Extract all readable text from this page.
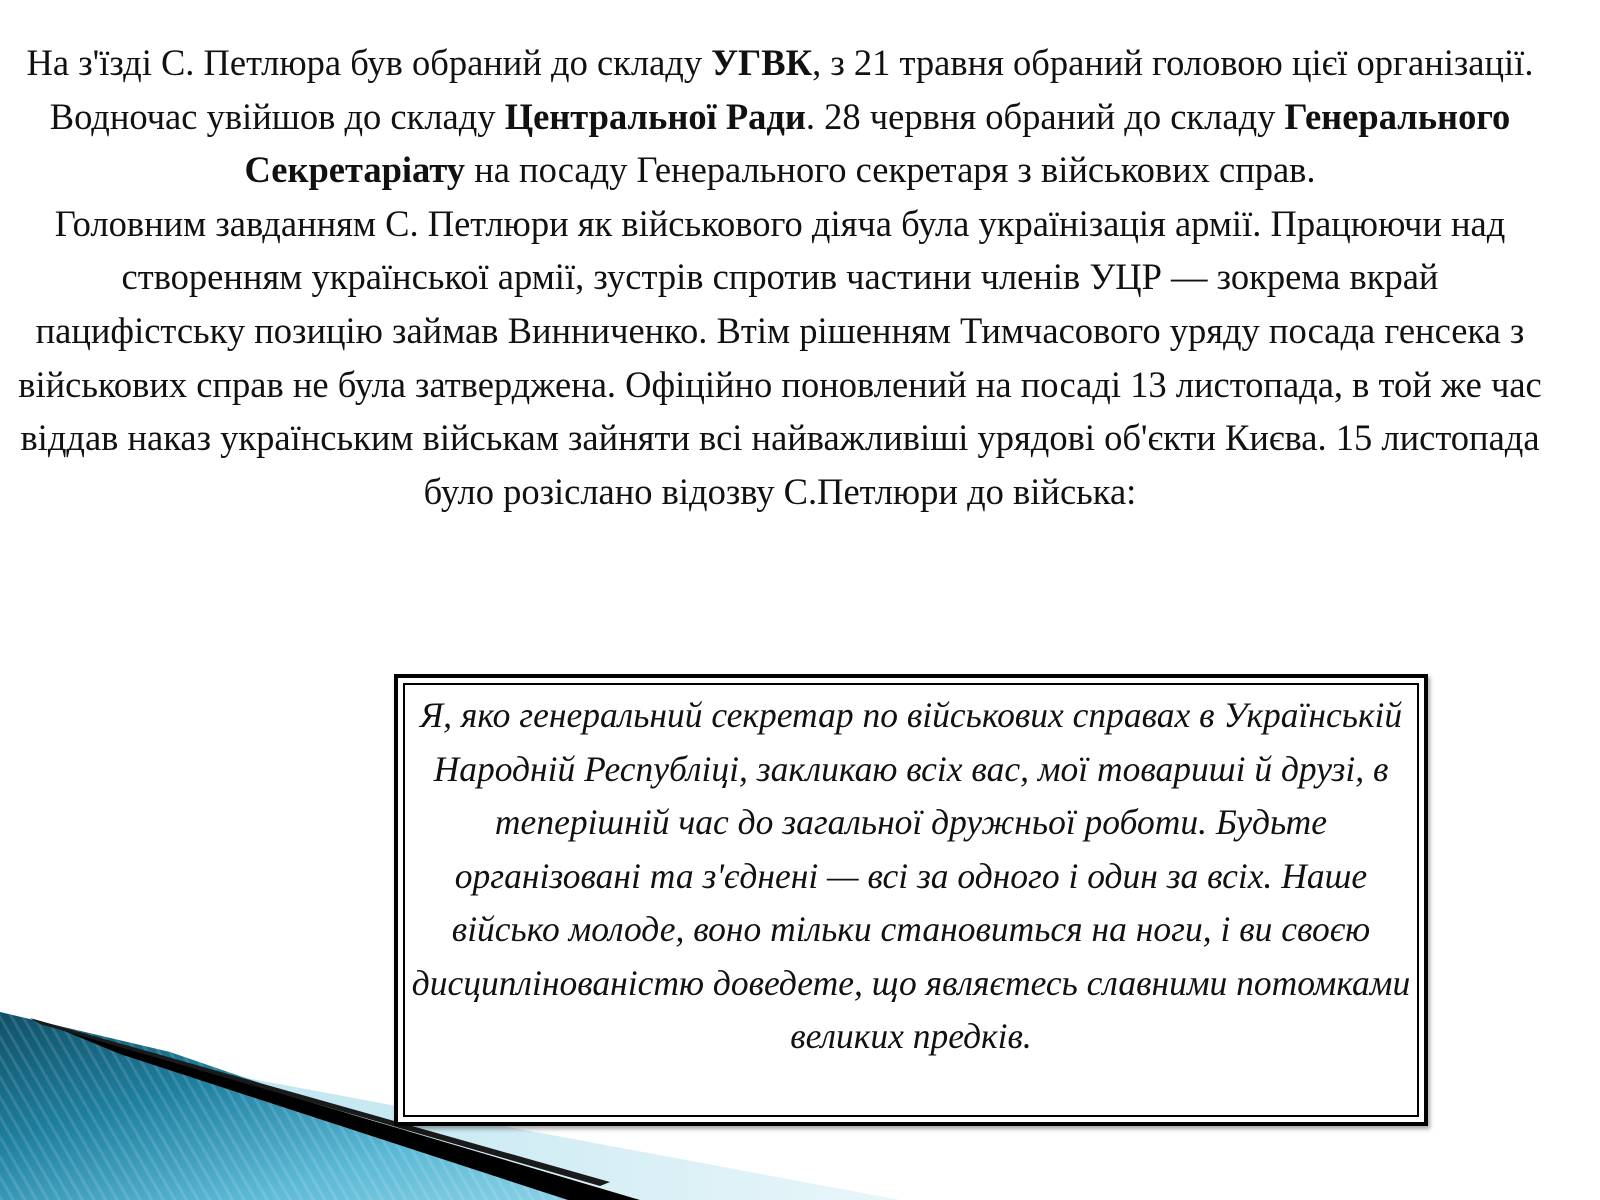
На з'їзді С. Петлюра був обраний до складу УГВК, з 21 травня обраний головою цієї організації. Водночас увійшов до складу Центральної Ради. 28 червня обраний до складу Генерального Секретаріату на посаду Генерального секретаря з військових справ.
Головним завданням С. Петлюри як військового діяча була українізація армії. Працюючи над створенням української армії, зустрів спротив частини членів УЦР — зокрема вкрай пацифістську позицію займав Винниченко. Втім рішенням Тимчасового уряду посада генсека з військових справ не була затверджена. Офіційно поновлений на посаді 13 листопада, в той же час віддав наказ українським військам зайняти всі найважливіші урядові об'єкти Києва. 15 листопада було розіслано відозву С.Петлюри до війська:

Я, яко генеральний секретар по військових справах в Українській Народній Республіці, закликаю всіх вас, мої товариші й друзі, в теперішній час до загальної дружньої роботи. Будьте організовані та з'єднені — всі за одного і один за всіх. Наше військо молоде, воно тільки становиться на ноги, і ви своєю дисциплінованістю доведете, що являєтесь славними потомками великих предків.
